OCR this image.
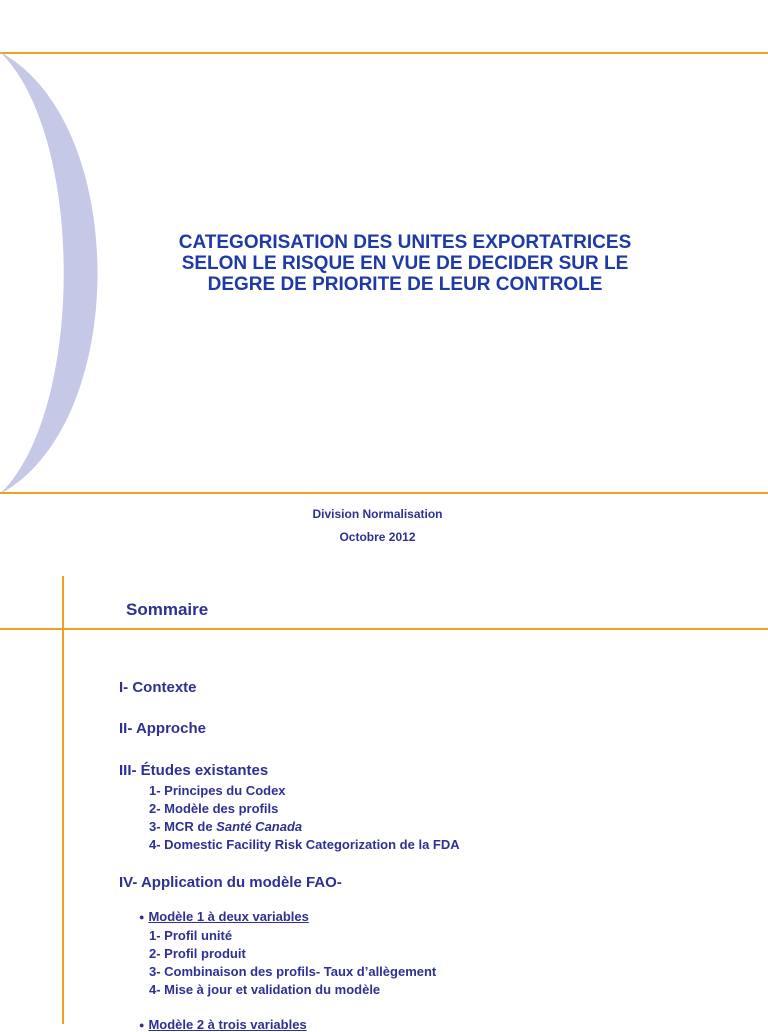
CATEGORISATION DES UNITES EXPORTATRICES
SELON LE RISQUE EN VUE DE DECIDER SUR LE
DEGRE DE PRIORITE DE LEUR CONTROLE
Division Normalisation
Octobre 2012
Sommaire
I- Contexte
II- Approche
III- Études existantes
1- Principes du Codex
2- Modèle des profils
3- MCR de Santé Canada
4- Domestic Facility Risk Categorization de la FDA
IV- Application du modèle FAO-
● Modèle 1 à deux variables
1- Profil unité
2- Profil produit
3- Combinaison des profils- Taux d’allègement
4- Mise à jour et validation du modèle
● Modèle 2 à trois variables
